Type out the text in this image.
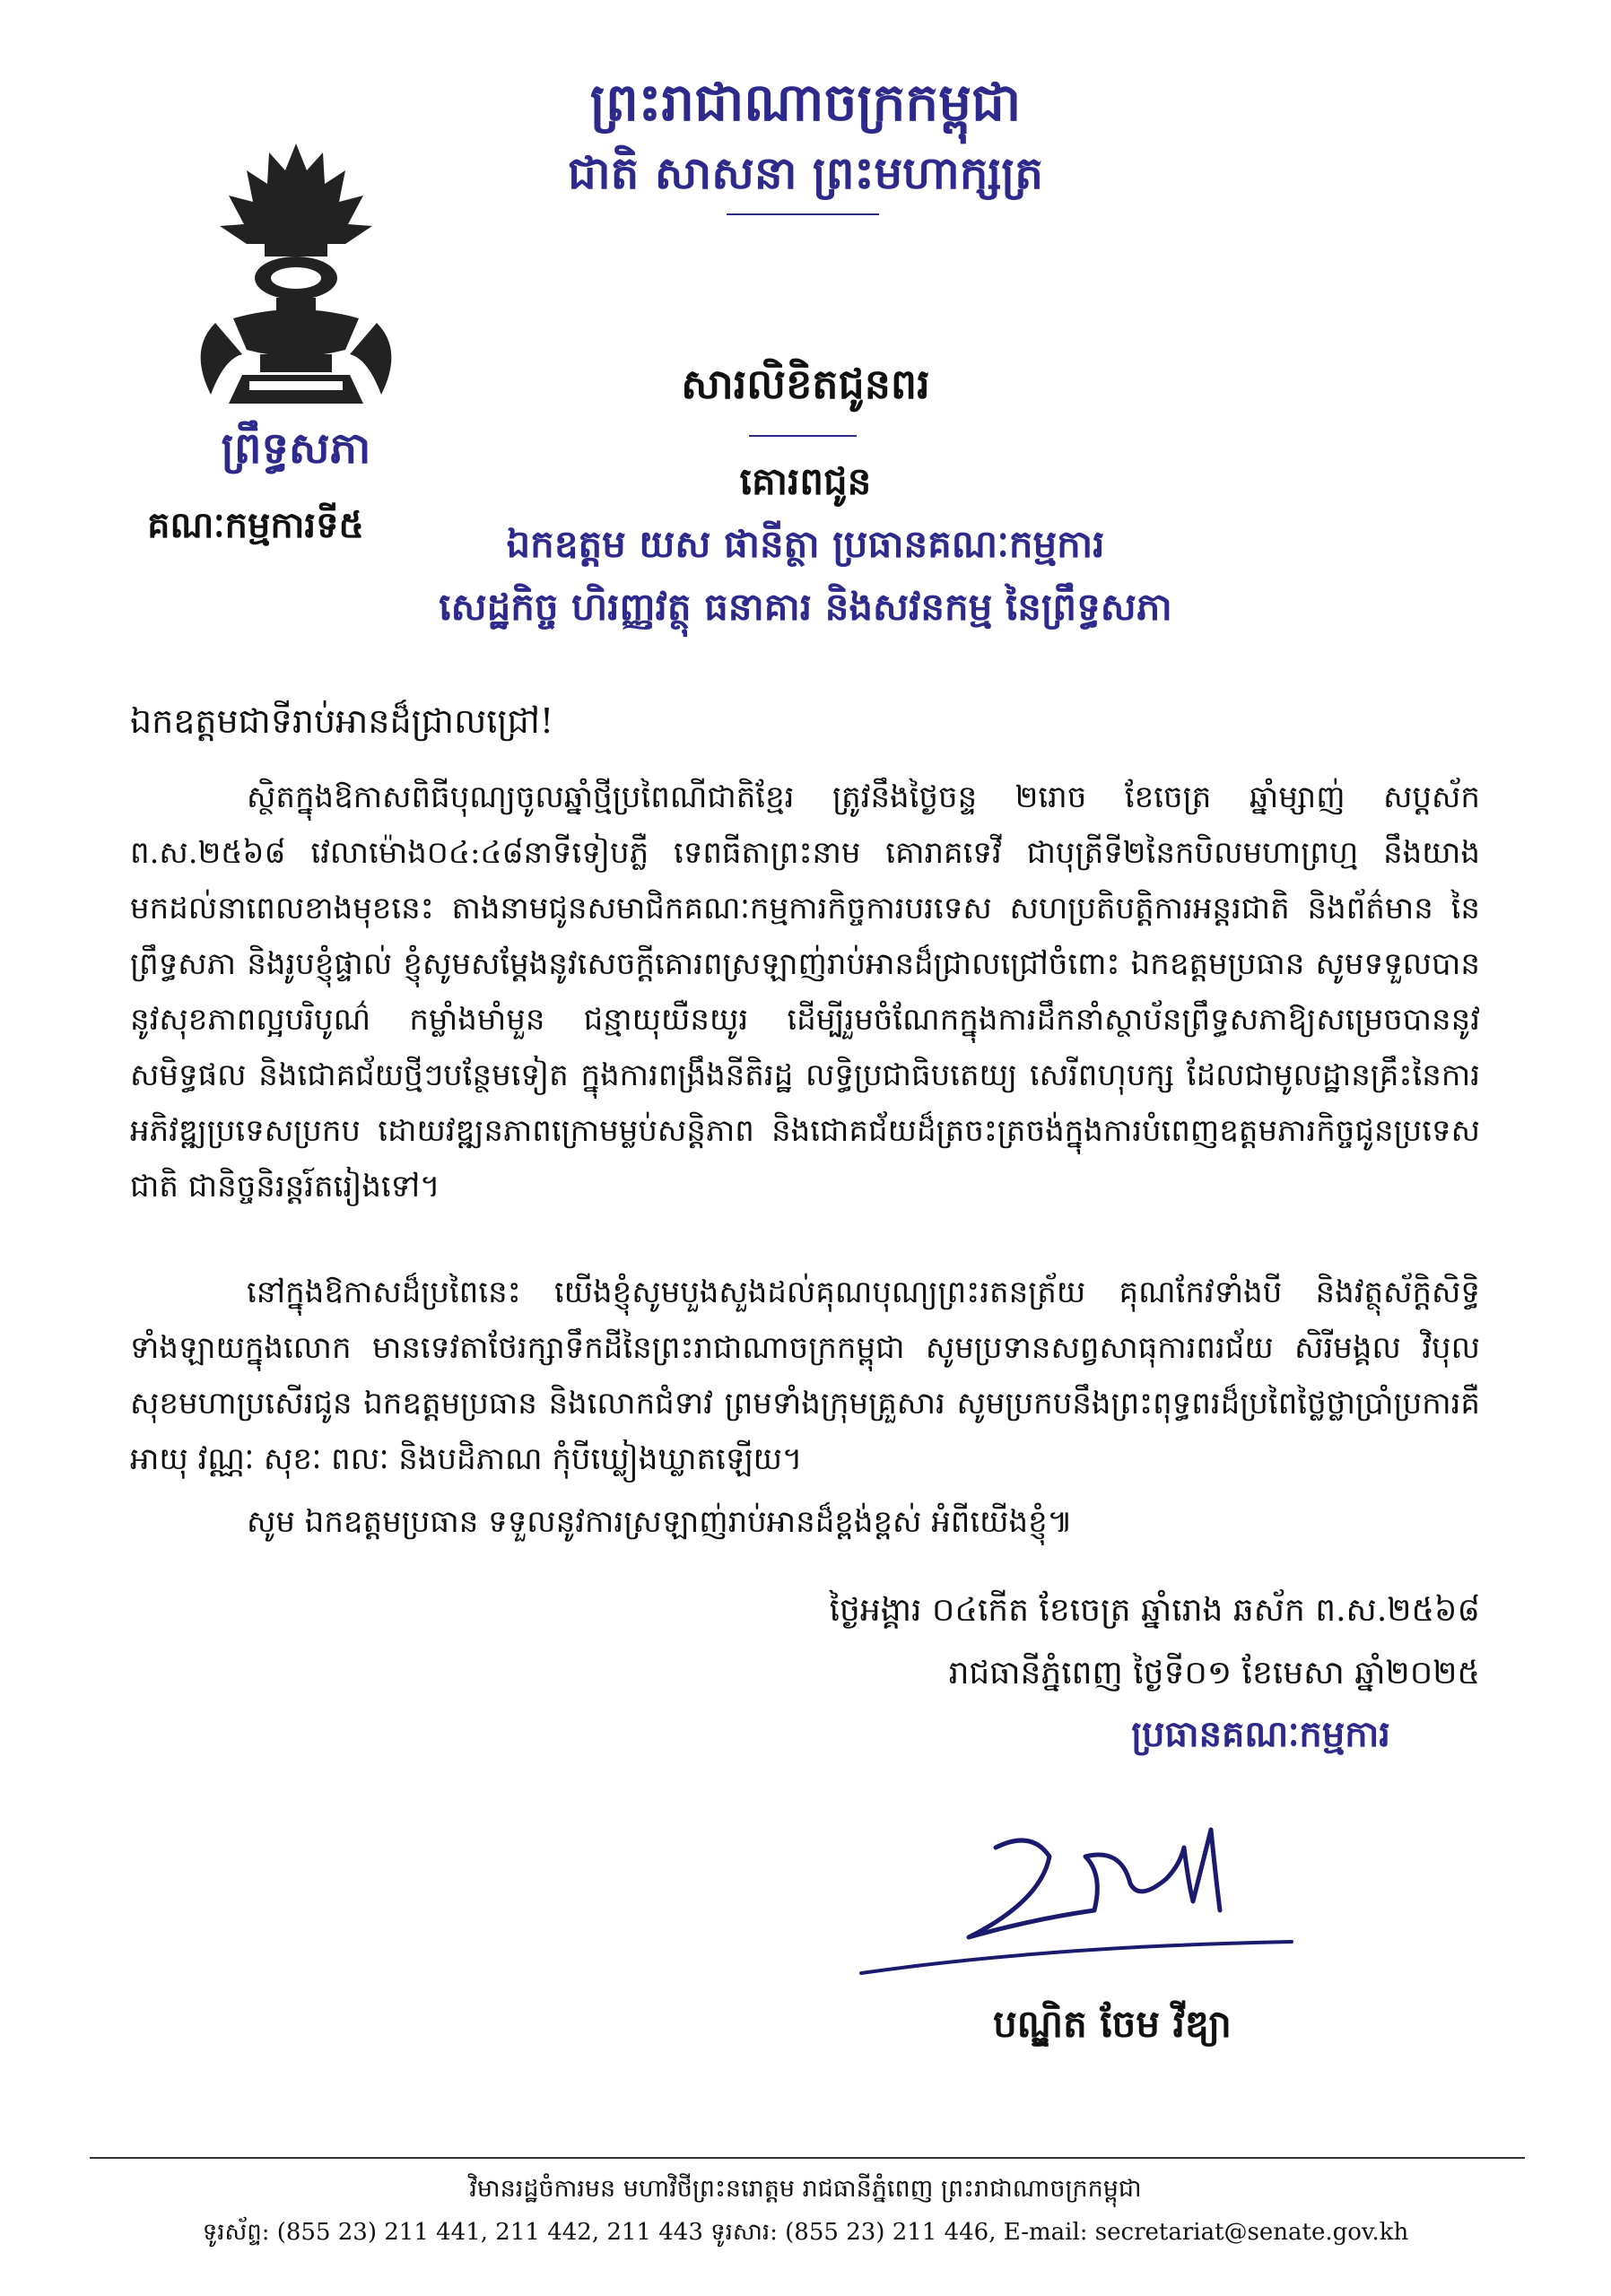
ព្រះរាជាណាចក្រកម្ពុជា
ជាតិ សាសនា ព្រះមហាក្សត្រ
ព្រឹទ្ធសភា
គណៈកម្មការទី៥
សារលិខិតជូនពរ
គោរពជូន
ឯកឧត្តម យស ផានីត្ថា ប្រធានគណៈកម្មការ
សេដ្ឋកិច្ច ហិរញ្ញវត្ថុ ធនាគារ និងសវនកម្ម នៃព្រឹទ្ធសភា
ឯកឧត្តមជាទីរាប់អានដ៏ជ្រាលជ្រៅ!
ស្ថិតក្នុងឱកាសពិធីបុណ្យចូលឆ្នាំថ្មីប្រពៃណីជាតិខ្មែរ ត្រូវនឹងថ្ងៃចន្ទ ២រោច ខែចេត្រ ឆ្នាំម្សាញ់ សប្តស័ក ព.ស.២៥៦៨ វេលាម៉ោង០៤:៤៨នាទីទៀបភ្លឺ ទេពធីតាព្រះនាម គោរាគទេវី ជាបុត្រីទី២នៃកបិលមហាព្រហ្ម នឹងយាងមកដល់នាពេលខាងមុខនេះ តាងនាមជូនសមាជិកគណៈកម្មការកិច្ចការបរទេស សហប្រតិបត្តិការអន្តរជាតិ និងព័ត៌មាន នៃព្រឹទ្ធសភា និងរូបខ្ញុំផ្ទាល់ ខ្ញុំសូមសម្តែងនូវសេចក្តីគោរពស្រឡាញ់រាប់អានដ៏ជ្រាលជ្រៅចំពោះ ឯកឧត្តមប្រធាន សូមទទួលបាននូវសុខភាពល្អបរិបូណ៌ កម្លាំងមាំមួន ជន្មាយុយឺនយូរ ដើម្បីរួមចំណែកក្នុងការដឹកនាំស្ថាប័នព្រឹទ្ធសភាឱ្យសម្រេចបាននូវសមិទ្ធផល និងជោគជ័យថ្មីៗបន្ថែមទៀត ក្នុងការពង្រឹងនីតិរដ្ឋ លទ្ធិប្រជាធិបតេយ្យ សេរីពហុបក្ស ដែលជាមូលដ្ឋានគ្រឹះនៃការអភិវឌ្ឍប្រទេសប្រកប ដោយវឌ្ឍនភាពក្រោមម្លប់សន្តិភាព និងជោគជ័យដ៏ត្រចះត្រចង់ក្នុងការបំពេញឧត្តមភារកិច្ចជូនប្រទេសជាតិ ជានិច្ចនិរន្តរ៍តរៀងទៅ។
នៅក្នុងឱកាសដ៏ប្រពៃនេះ យើងខ្ញុំសូមបួងសួងដល់គុណបុណ្យព្រះរតនត្រ័យ គុណកែវទាំងបី និងវត្ថុស័ក្តិសិទ្ធិទាំងឡាយក្នុងលោក មានទេវតាថែរក្សាទឹកដីនៃព្រះរាជាណាចក្រកម្ពុជា សូមប្រទានសព្វសាធុការពរជ័យ សិរីមង្គល វិបុលសុខមហាប្រសើរជូន ឯកឧត្តមប្រធាន និងលោកជំទាវ ព្រមទាំងក្រុមគ្រួសារ សូមប្រកបនឹងព្រះពុទ្ធពរដ៏ប្រពៃថ្លៃថ្លាប្រាំប្រការគឺ អាយុ វណ្ណៈ សុខៈ ពលៈ និងបដិភាណ កុំបីឃ្លៀងឃ្លាតឡើយ។
សូម ឯកឧត្តមប្រធាន ទទួលនូវការស្រឡាញ់រាប់អានដ៏ខ្ពង់ខ្ពស់ អំពីយើងខ្ញុំ៕
ថ្ងៃអង្គារ ០៤កើត ខែចេត្រ ឆ្នាំរោង ឆស័ក ព.ស.២៥៦៨
រាជធានីភ្នំពេញ ថ្ងៃទី០១ ខែមេសា ឆ្នាំ២០២៥
ប្រធានគណៈកម្មការ
បណ្ឌិត ចែម វីឌ្យា
វិមានរដ្ឋចំការមន មហាវិថីព្រះនរោត្តម រាជធានីភ្នំពេញ ព្រះរាជាណាចក្រកម្ពុជា
ទូរស័ព្ទ: (855 23) 211 441, 211 442, 211 443 ទូរសារ: (855 23) 211 446, E-mail: secretariat@senate.gov.kh
